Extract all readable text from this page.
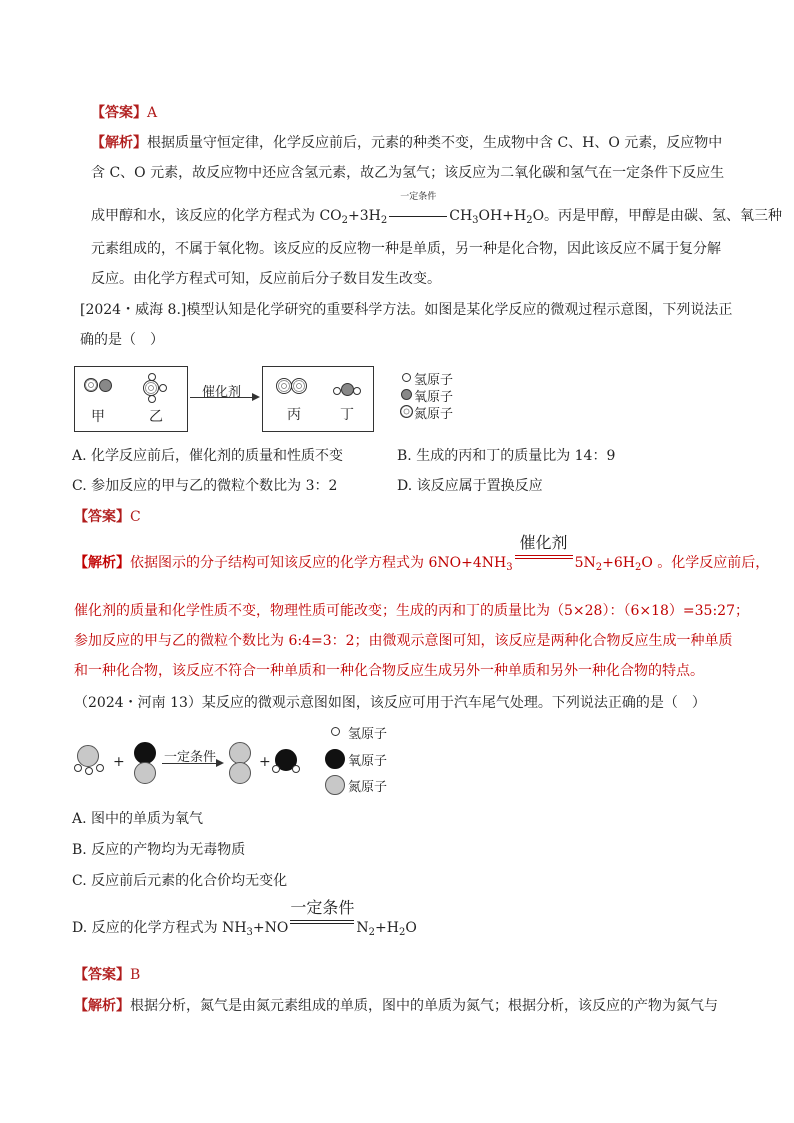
【答案】A
【解析】根据质量守恒定律，化学反应前后，元素的种类不变，生成物中含 C、H、O 元素，反应物中
含 C、O 元素，故反应物中还应含氢元素，故乙为氢气；该反应为二氧化碳和氢气在一定条件下反应生
成甲醇和水，该反应的化学方程式为 $CO_2+3H_2$
一定条件
$CH_3OH+H_2O$。丙是甲醇，甲醇是由碳、氢、氧三种
元素组成的，不属于氧化物。该反应的反应物一种是单质，另一种是化合物，因此该反应不属于复分解
反应。由化学方程式可知，反应前后分子数目发生改变。
[2024・威海 8.]模型认知是化学研究的重要科学方法。如图是某化学反应的微观过程示意图，下列说法正
确的是（　）
甲	乙
催化剂
丙	丁
氢原子
氧原子
氮原子
A. 化学反应前后，催化剂的质量和性质不变	B. 生成的丙和丁的质量比为 14：9
C. 参加反应的甲与乙的微粒个数比为 3：2	D. 该反应属于置换反应
【答案】C
【解析】依据图示的分子结构可知该反应的化学方程式为 $6NO+4NH_3$
催化剂
$5N_2+6H_2O$ 。化学反应前后，
催化剂的质量和化学性质不变，物理性质可能改变；生成的丙和丁的质量比为（5×28）：（6×18）=35:27；
参加反应的甲与乙的微粒个数比为 6:4=3：2；由微观示意图可知，该反应是两种化合物反应生成一种单质
和一种化合物，该反应不符合一种单质和一种化合物反应生成另外一种单质和另外一种化合物的特点。
（2024・河南 13）某反应的微观示意图如图，该反应可用于汽车尾气处理。下列说法正确的是（　）
+	一定条件	+
氢原子
氧原子
氮原子
A. 图中的单质为氧气
B. 反应的产物均为无毒物质
C. 反应前后元素的化合价均无变化
D. 反应的化学方程式为 $NH_3+NO$
一定条件
$N_2+H_2O$
【答案】B
【解析】根据分析，氮气是由氮元素组成的单质，图中的单质为氮气；根据分析，该反应的产物为氮气与
